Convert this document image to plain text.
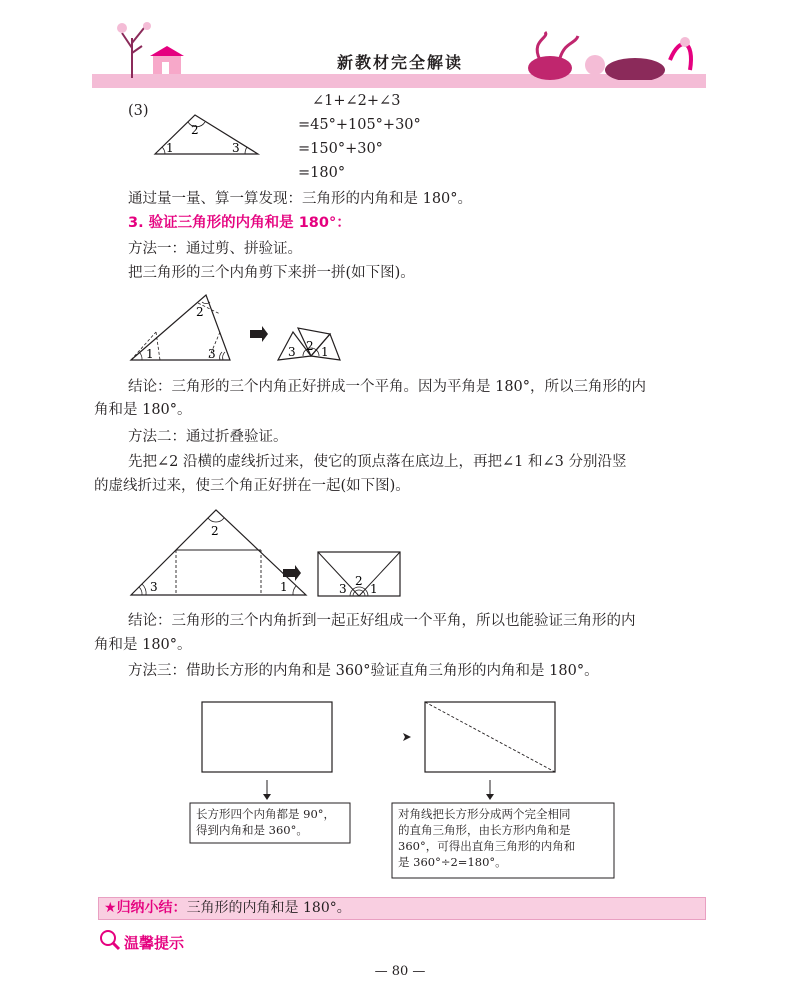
新教材完全解读
(3)
1
2
3
∠1+∠2+∠3
=45°+105°+30°
=150°+30°
=180°
通过量一量、算一算发现：三角形的内角和是 180°。
3. 验证三角形的内角和是 180°：
方法一：通过剪、拼验证。
把三角形的三个内角剪下来拼一拼(如下图)。
1
2
3	3 2 1
结论：三角形的三个内角正好拼成一个平角。因为平角是 180°，所以三角形的内
角和是 180°。
方法二：通过折叠验证。
先把∠2 沿横的虚线折过来，使它的顶点落在底边上，再把∠1 和∠3 分别沿竖
的虚线折过来，使三个角正好拼在一起(如下图)。
2
3	1	3
2
1
结论：三角形的三个内角折到一起正好组成一个平角，所以也能验证三角形的内
角和是 180°。
方法三：借助长方形的内角和是 360°验证直角三角形的内角和是 180°。
长方形四个内角都是 90°，
得到内角和是 360°。
对角线把长方形分成两个完全相同
的直角三角形，由长方形内角和是
360°，可得出直角三角形的内角和
是 360°÷2=180°。
★归纳小结：三角形的内角和是 180°。
温馨提示
— 80 —
